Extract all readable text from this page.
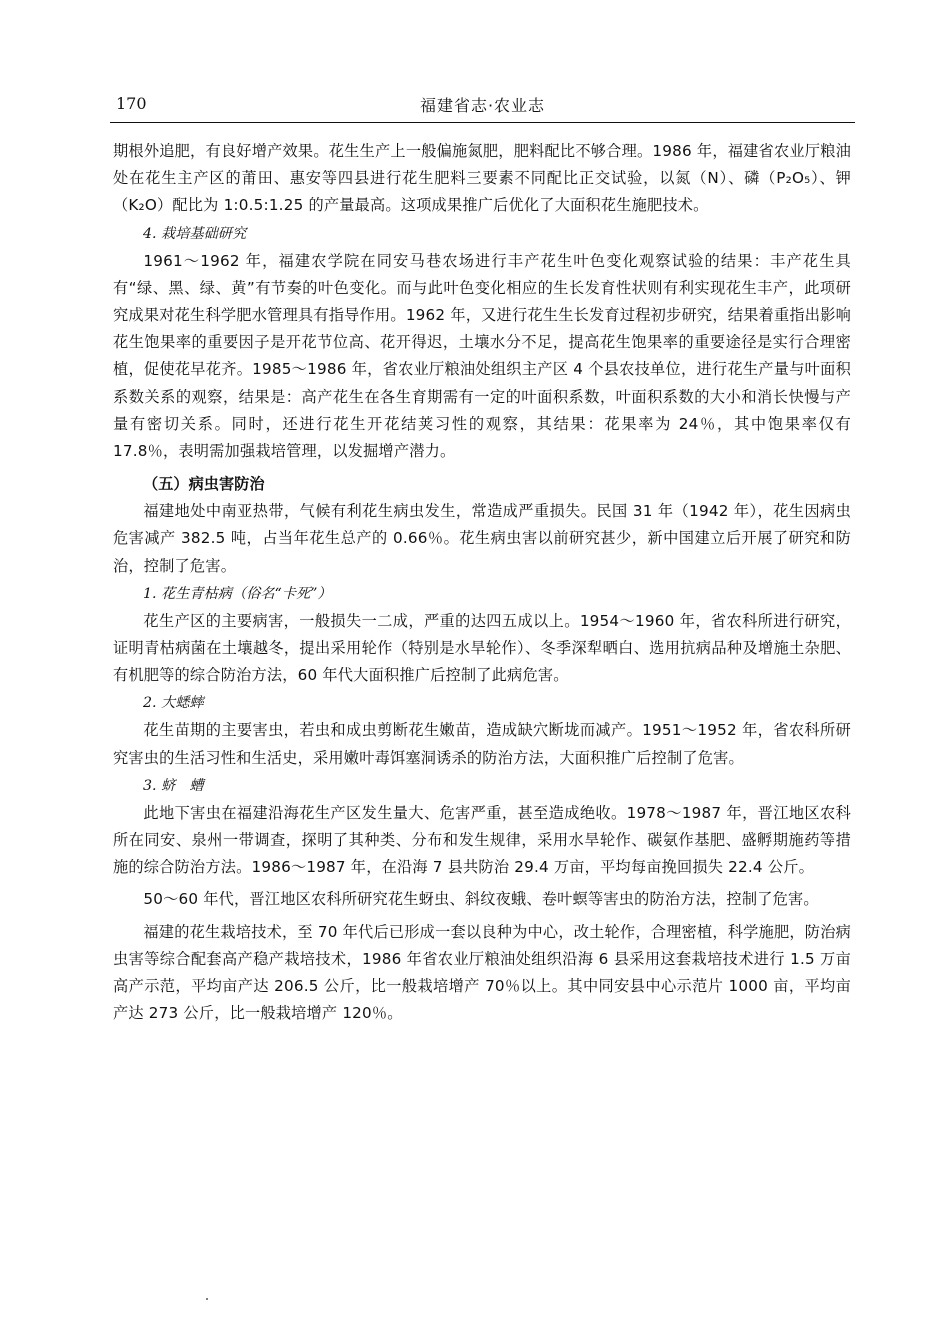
170	福建省志·农业志

期根外追肥，有良好增产效果。花生生产上一般偏施氮肥，肥料配比不够合理。1986 年，福建省农业厅粮油处在花生主产区的莆田、惠安等四县进行花生肥料三要素不同配比正交试验，以氮（N）、磷（P₂O₅）、钾（K₂O）配比为 1:0.5:1.25 的产量最高。这项成果推广后优化了大面积花生施肥技术。

4. 栽培基础研究

1961～1962 年，福建农学院在同安马巷农场进行丰产花生叶色变化观察试验的结果：丰产花生具有“绿、黑、绿、黄”有节奏的叶色变化。而与此叶色变化相应的生长发育性状则有利实现花生丰产，此项研究成果对花生科学肥水管理具有指导作用。1962 年，又进行花生生长发育过程初步研究，结果着重指出影响花生饱果率的重要因子是开花节位高、花开得迟，土壤水分不足，提高花生饱果率的重要途径是实行合理密植，促使花早花齐。1985～1986 年，省农业厅粮油处组织主产区 4 个县农技单位，进行花生产量与叶面积系数关系的观察，结果是：高产花生在各生育期需有一定的叶面积系数，叶面积系数的大小和消长快慢与产量有密切关系。同时，还进行花生开花结荚习性的观察，其结果：花果率为 24％，其中饱果率仅有 17.8％，表明需加强栽培管理，以发掘增产潜力。

（五）病虫害防治

福建地处中南亚热带，气候有利花生病虫发生，常造成严重损失。民国 31 年（1942 年），花生因病虫危害减产 382.5 吨，占当年花生总产的 0.66％。花生病虫害以前研究甚少，新中国建立后开展了研究和防治，控制了危害。

1. 花生青枯病（俗名“卡死”）

花生产区的主要病害，一般损失一二成，严重的达四五成以上。1954～1960 年，省农科所进行研究，证明青枯病菌在土壤越冬，提出采用轮作（特别是水旱轮作）、冬季深犁晒白、选用抗病品种及增施土杂肥、有机肥等的综合防治方法，60 年代大面积推广后控制了此病危害。

2. 大蟋蟀

花生苗期的主要害虫，若虫和成虫剪断花生嫩苗，造成缺穴断垅而减产。1951～1952 年，省农科所研究害虫的生活习性和生活史，采用嫩叶毒饵塞洞诱杀的防治方法，大面积推广后控制了危害。

3. 蛴　螬

此地下害虫在福建沿海花生产区发生量大、危害严重，甚至造成绝收。1978～1987 年，晋江地区农科所在同安、泉州一带调查，探明了其种类、分布和发生规律，采用水旱轮作、碳氨作基肥、盛孵期施药等措施的综合防治方法。1986～1987 年，在沿海 7 县共防治 29.4 万亩，平均每亩挽回损失 22.4 公斤。

50～60 年代，晋江地区农科所研究花生蚜虫、斜纹夜蛾、卷叶螟等害虫的防治方法，控制了危害。

福建的花生栽培技术，至 70 年代后已形成一套以良种为中心，改土轮作，合理密植，科学施肥，防治病虫害等综合配套高产稳产栽培技术，1986 年省农业厅粮油处组织沿海 6 县采用这套栽培技术进行 1.5 万亩高产示范，平均亩产达 206.5 公斤，比一般栽培增产 70％以上。其中同安县中心示范片 1000 亩，平均亩产达 273 公斤，比一般栽培增产 120％。
